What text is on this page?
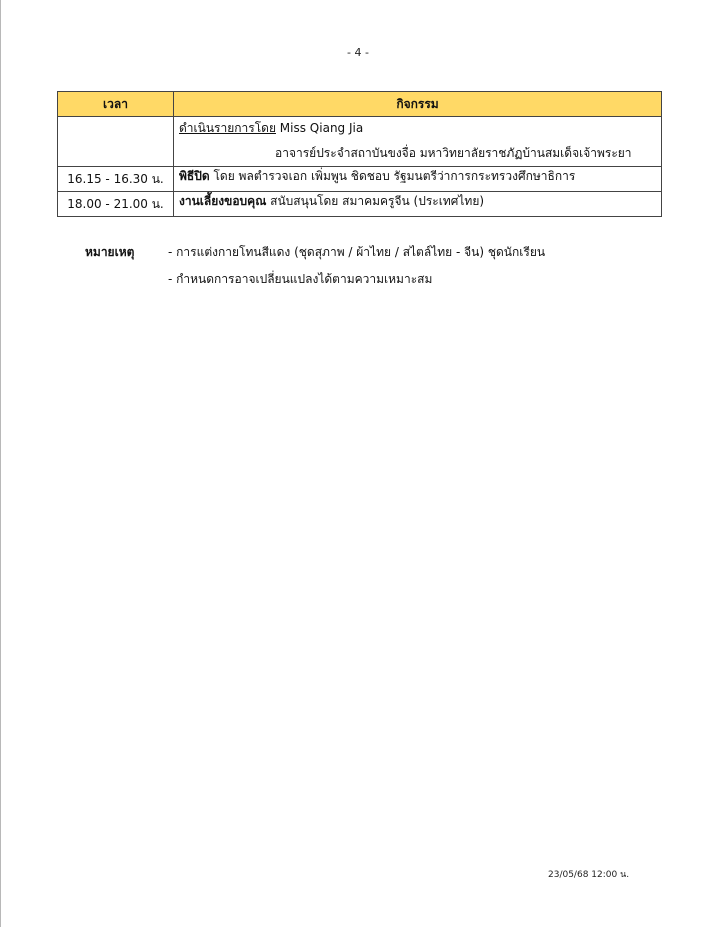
- 4 -
เวลา	กิจกรรม

	ดำเนินรายการโดย Miss Qiang Jia
อาจารย์ประจำสถาบันขงจื่อ มหาวิทยาลัยราชภัฏบ้านสมเด็จเจ้าพระยา

16.15 - 16.30 น.	พิธีปิด โดย พลตำรวจเอก เพิ่มพูน ชิดชอบ รัฐมนตรีว่าการกระทรวงศึกษาธิการ
18.00 - 21.00 น.	งานเลี้ยงขอบคุณ สนับสนุนโดย สมาคมครูจีน (ประเทศไทย)
หมายเหตุ	- การแต่งกายโทนสีแดง (ชุดสุภาพ / ผ้าไทย / สไตล์ไทย - จีน) ชุดนักเรียน
- กำหนดการอาจเปลี่ยนแปลงได้ตามความเหมาะสม
23/05/68 12:00 น.
